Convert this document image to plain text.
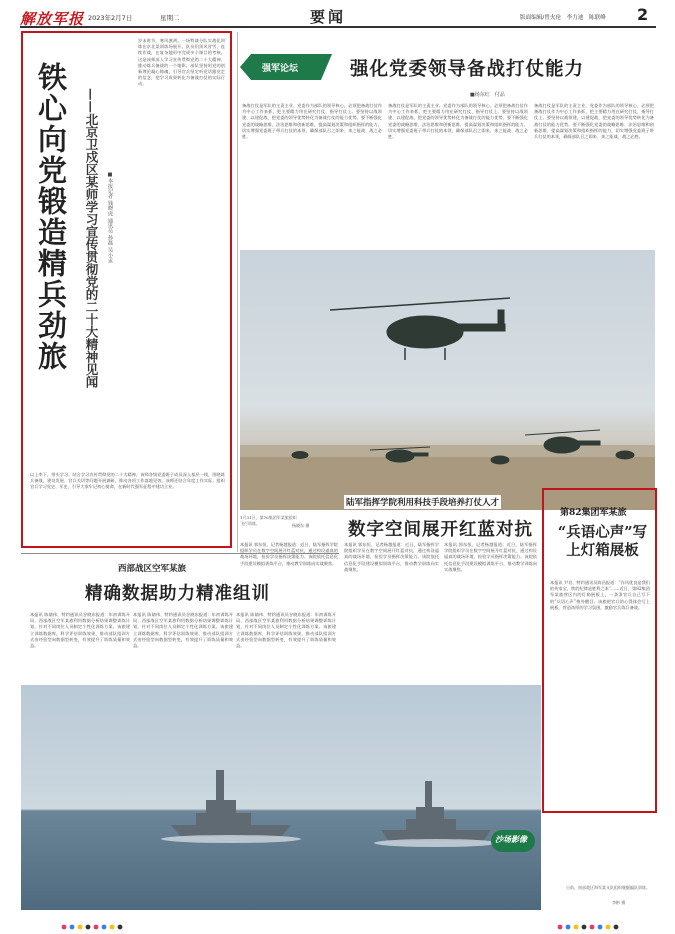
解放军报 2023年2月7日	星期二	要闻	版面编辑/曾火伦　李力迪　陈联峰 2
铁心向党锻造精兵劲旅 ——北京卫戍区某师学习宣传贯彻党的二十大精神见闻 ■本报记者 钱晓虎 通讯员 孙磊 吴小孟
岁末时节，寒风凛冽。一场特战分队实战化训练在京北某训练场展开。队员们顶风冒雪，连续作战，在复杂地形中完成多个课目的考核。这是该师深入学习宣传贯彻党的二十大精神、推动练兵备战的一个缩影。部队坚持用党的创新理论凝心铸魂，引导官兵坚定听党话跟党走的信念，把学习成果转化为备战打仗的实际行动。
以上率下，带头学习。结合学习宣传贯彻党的二十大精神，该师各级党委班子成员深入基层一线，围绕练兵备战、建设发展、官兵关切等问题开展调研，推动各项工作落地见效。该师还结合年度工作实际，组织官兵学习党史、军史，引导大家牢记初心使命，在新时代强军征程中建功立业。
强军论坛	强化党委领导备战打仗能力
■杨东红　付品
备战打仗是军队的主责主业。党委作为部队的领导核心，必须把备战打仗作为中心工作来抓，把主要精力用在研究打仗、指导打仗上。要坚持以战领建、以建促战，把党委的领导优势转化为备战打仗的能力优势。要不断强化党委的战略思维、法治思维和创新思维，提高谋划决策和组织指挥的能力，切实增强党委班子带兵打仗的本领，确保部队召之即来、来之能战、战之必胜。
备战打仗是军队的主责主业。党委作为部队的领导核心，必须把备战打仗作为中心工作来抓，把主要精力用在研究打仗、指导打仗上。要坚持以战领建、以建促战，把党委的领导优势转化为备战打仗的能力优势。要不断强化党委的战略思维、法治思维和创新思维，提高谋划决策和组织指挥的能力，切实增强党委班子带兵打仗的本领，确保部队召之即来、来之能战、战之必胜。
备战打仗是军队的主责主业。党委作为部队的领导核心，必须把备战打仗作为中心工作来抓，把主要精力用在研究打仗、指导打仗上。要坚持以战领建、以建促战，把党委的领导优势转化为备战打仗的能力优势。要不断强化党委的战略思维、法治思维和创新思维，提高谋划决策和组织指挥的能力，切实增强党委班子带兵打仗的本领，确保部队召之即来、来之能战、战之必胜。
1月31日，第76集团军某旅组织飞行训练。	杨晓东 摄
陆军指挥学院利用科技手段培养打仗人才
数字空间展开红蓝对抗
本报讯 郭东恒、记者杨越报道：近日，陆军指挥学院组织学员在数字空间展开红蓝对抗，通过构设逼真的战场环境，检验学员指挥决策能力。该院依托信息化手段建设模拟训练平台，推动教学训练向实战聚焦。
本报讯 郭东恒、记者杨越报道：近日，陆军指挥学院组织学员在数字空间展开红蓝对抗，通过构设逼真的战场环境，检验学员指挥决策能力。该院依托信息化手段建设模拟训练平台，推动教学训练向实战聚焦。
本报讯 郭东恒、记者杨越报道：近日，陆军指挥学院组织学员在数字空间展开红蓝对抗，通过构设逼真的战场环境，检验学员指挥决策能力。该院依托信息化手段建设模拟训练平台，推动教学训练向实战聚焦。
第82集团军某旅
“兵语心声”写上灯箱展板
本报讯 尹君、特约通讯员陈昌报道：“作风优良是我们的传家宝，铁的纪律是胜利之本”……近日，第82集团军某旅营区内的灯箱展板上，一条条官兵自己写下的“兵语心声”格外醒目。该旅把官兵的心得体会写上展板，营造浓厚的学习氛围，激励官兵练兵备战。
西部战区空军某旅
精确数据助力精准组训
本报讯 陈婧伟、特约通讯员谷晓东报道：年初训练开局，西部战区空军某旅利用数据分析结果调整训练计划，针对不同岗位人员制定个性化训练方案。该旅建立训练数据库，科学评估训练效果，推动部队组训方式由经验型向数据型转变，有效提升了训练质量和效益。
本报讯 陈婧伟、特约通讯员谷晓东报道：年初训练开局，西部战区空军某旅利用数据分析结果调整训练计划，针对不同岗位人员制定个性化训练方案。该旅建立训练数据库，科学评估训练效果，推动部队组训方式由经验型向数据型转变，有效提升了训练质量和效益。
本报讯 陈婧伟、特约通讯员谷晓东报道：年初训练开局，西部战区空军某旅利用数据分析结果调整训练计划，针对不同岗位人员制定个性化训练方案。该旅建立训练数据库，科学评估训练效果，推动部队组训方式由经验型向数据型转变，有效提升了训练质量和效益。
沙场影像
日前，南部战区海军某支队组织舰艇编队训练。
李彬 摄
